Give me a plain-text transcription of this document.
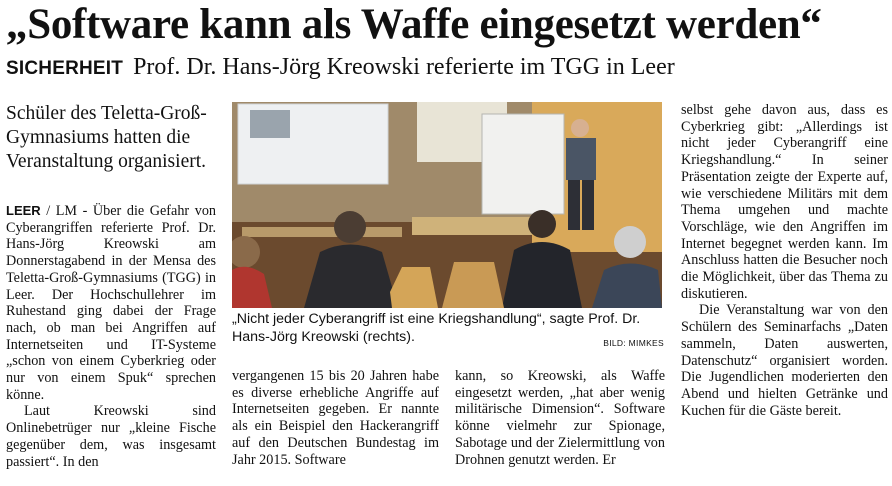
„Software kann als Waffe eingesetzt werden“
SICHERHEIT Prof. Dr. Hans-Jörg Kreowski referierte im TGG in Leer
Schüler des Teletta-Groß-Gymnasiums hatten die Veranstaltung organisiert.

LEER / LM - Über die Gefahr von Cyberangriffen referierte Prof. Dr. Hans-Jörg Kreowski am Donnerstagabend in der Mensa des Teletta-Groß-Gymnasiums (TGG) in Leer. Der Hochschullehrer im Ruhestand ging dabei der Frage nach, ob man bei Angriffen auf Internetseiten und IT-Systeme „schon von einem Cyberkrieg oder nur von einem Spuk“ sprechen könne.

Laut Kreowski sind Onlinebetrüger nur „kleine Fische gegenüber dem, was insgesamt passiert“. In den

„Nicht jeder Cyberangriff ist eine Kriegshandlung“, sagte Prof. Dr. Hans-Jörg Kreowski (rechts).	BILD: MIMKES
vergangenen 15 bis 20 Jahren habe es diverse erhebliche Angriffe auf Internetseiten gegeben. Er nannte als ein Beispiel den Hackerangriff auf den Deutschen Bundestag im Jahr 2015. Software
kann, so Kreowski, als Waffe eingesetzt werden, „hat aber wenig militärische Dimension“. Software könne vielmehr zur Spionage, Sabotage und der Zielermittlung von Drohnen genutzt werden. Er

selbst gehe davon aus, dass es Cyberkrieg gibt: „Allerdings ist nicht jeder Cyberangriff eine Kriegshandlung.“ In seiner Präsentation zeigte der Experte auf, wie verschiedene Militärs mit dem Thema umgehen und machte Vorschläge, wie den Angriffen im Internet begegnet werden kann. Im Anschluss hatten die Besucher noch die Möglichkeit, über das Thema zu diskutieren.

Die Veranstaltung war von den Schülern des Seminarfachs „Daten sammeln, Daten auswerten, Datenschutz“ organisiert worden. Die Jugendlichen moderierten den Abend und hielten Getränke und Kuchen für die Gäste bereit.
